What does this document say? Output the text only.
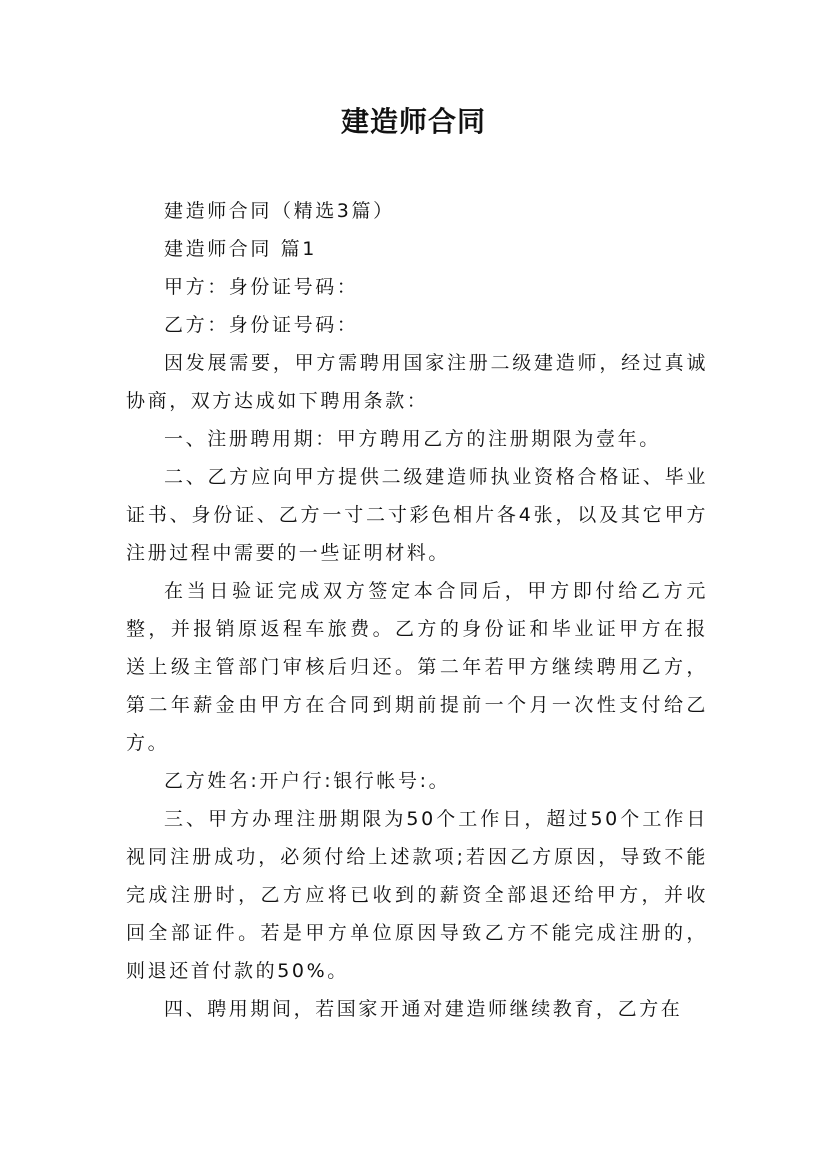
建造师合同

建造师合同（精选3篇）

建造师合同 篇1

甲方：身份证号码：

乙方：身份证号码：

因发展需要，甲方需聘用国家注册二级建造师，经过真诚协商，双方达成如下聘用条款：

一、注册聘用期：甲方聘用乙方的注册期限为壹年。

二、乙方应向甲方提供二级建造师执业资格合格证、毕业证书、身份证、乙方一寸二寸彩色相片各4张，以及其它甲方注册过程中需要的一些证明材料。

在当日验证完成双方签定本合同后，甲方即付给乙方元整，并报销原返程车旅费。乙方的身份证和毕业证甲方在报送上级主管部门审核后归还。第二年若甲方继续聘用乙方，第二年薪金由甲方在合同到期前提前一个月一次性支付给乙方。

乙方姓名:开户行:银行帐号:。

三、甲方办理注册期限为50个工作日，超过50个工作日视同注册成功，必须付给上述款项;若因乙方原因，导致不能完成注册时，乙方应将已收到的薪资全部退还给甲方，并收回全部证件。若是甲方单位原因导致乙方不能完成注册的，则退还首付款的50%。

四、聘用期间，若国家开通对建造师继续教育，乙方在
